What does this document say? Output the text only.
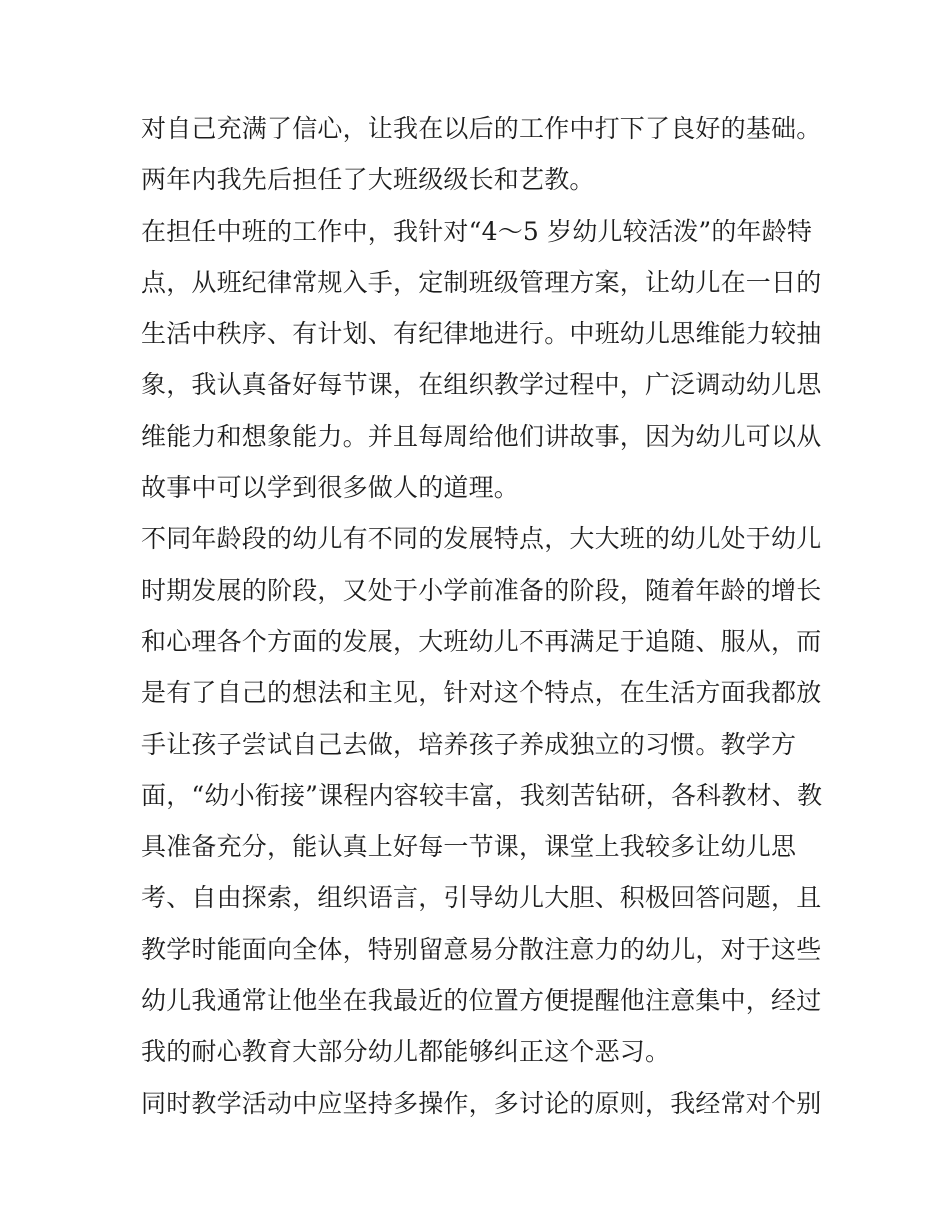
对自己充满了信心，让我在以后的工作中打下了良好的基础。
两年内我先后担任了大班级级长和艺教。
在担任中班的工作中，我针对“4～5 岁幼儿较活泼”的年龄特
点，从班纪律常规入手，定制班级管理方案，让幼儿在一日的
生活中秩序、有计划、有纪律地进行。中班幼儿思维能力较抽
象，我认真备好每节课，在组织教学过程中，广泛调动幼儿思
维能力和想象能力。并且每周给他们讲故事，因为幼儿可以从
故事中可以学到很多做人的道理。
不同年龄段的幼儿有不同的发展特点，大大班的幼儿处于幼儿
时期发展的阶段，又处于小学前准备的阶段，随着年龄的增长
和心理各个方面的发展，大班幼儿不再满足于追随、服从，而
是有了自己的想法和主见，针对这个特点，在生活方面我都放
手让孩子尝试自己去做，培养孩子养成独立的习惯。教学方
面，“幼小衔接”课程内容较丰富，我刻苦钻研，各科教材、教
具准备充分，能认真上好每一节课，课堂上我较多让幼儿思
考、自由探索，组织语言，引导幼儿大胆、积极回答问题，且
教学时能面向全体，特别留意易分散注意力的幼儿，对于这些
幼儿我通常让他坐在我最近的位置方便提醒他注意集中，经过
我的耐心教育大部分幼儿都能够纠正这个恶习。
同时教学活动中应坚持多操作，多讨论的原则，我经常对个别
